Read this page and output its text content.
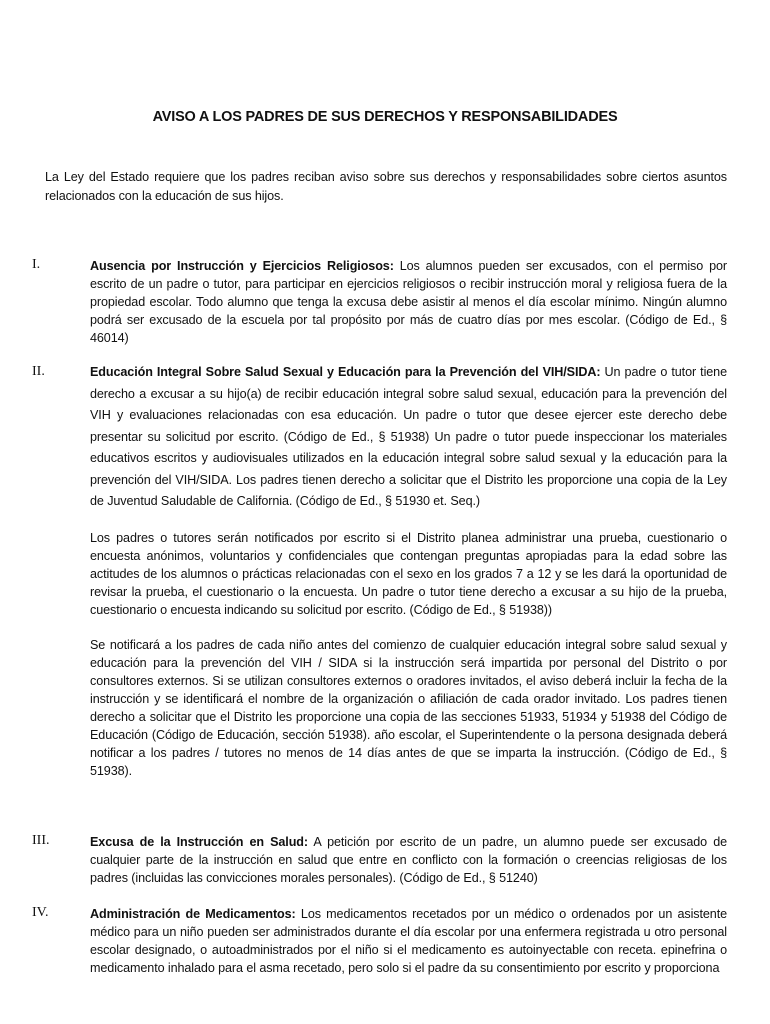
AVISO A LOS PADRES DE SUS DERECHOS Y RESPONSABILIDADES
La Ley del Estado requiere que los padres reciban aviso sobre sus derechos y responsabilidades sobre ciertos asuntos relacionados con la educación de sus hijos.
I.	Ausencia por Instrucción y Ejercicios Religiosos: Los alumnos pueden ser excusados, con el permiso por escrito de un padre o tutor, para participar en ejercicios religiosos o recibir instrucción moral y religiosa fuera de la propiedad escolar. Todo alumno que tenga la excusa debe asistir al menos el día escolar mínimo. Ningún alumno podrá ser excusado de la escuela por tal propósito por más de cuatro días por mes escolar. (Código de Ed., § 46014)
II.	Educación Integral Sobre Salud Sexual y Educación para la Prevención del VIH/SIDA: Un padre o tutor tiene derecho a excusar a su hijo(a) de recibir educación integral sobre salud sexual, educación para la prevención del VIH y evaluaciones relacionadas con esa educación. Un padre o tutor que desee ejercer este derecho debe presentar su solicitud por escrito. (Código de Ed., § 51938) Un padre o tutor puede inspeccionar los materiales educativos escritos y audiovisuales utilizados en la educación integral sobre salud sexual y la educación para la prevención del VIH/SIDA. Los padres tienen derecho a solicitar que el Distrito les proporcione una copia de la Ley de Juventud Saludable de California. (Código de Ed., § 51930 et. Seq.)
Los padres o tutores serán notificados por escrito si el Distrito planea administrar una prueba, cuestionario o encuesta anónimos, voluntarios y confidenciales que contengan preguntas apropiadas para la edad sobre las actitudes de los alumnos o prácticas relacionadas con el sexo en los grados 7 a 12 y se les dará la oportunidad de revisar la prueba, el cuestionario o la encuesta. Un padre o tutor tiene derecho a excusar a su hijo de la prueba, cuestionario o encuesta indicando su solicitud por escrito. (Código de Ed., § 51938))
Se notificará a los padres de cada niño antes del comienzo de cualquier educación integral sobre salud sexual y educación para la prevención del VIH / SIDA si la instrucción será impartida por personal del Distrito o por consultores externos. Si se utilizan consultores externos o oradores invitados, el aviso deberá incluir la fecha de la instrucción y se identificará el nombre de la organización o afiliación de cada orador invitado. Los padres tienen derecho a solicitar que el Distrito les proporcione una copia de las secciones 51933, 51934 y 51938 del Código de Educación (Código de Educación, sección 51938). año escolar, el Superintendente o la persona designada deberá notificar a los padres / tutores no menos de 14 días antes de que se imparta la instrucción. (Código de Ed., § 51938).
III.	Excusa de la Instrucción en Salud: A petición por escrito de un padre, un alumno puede ser excusado de cualquier parte de la instrucción en salud que entre en conflicto con la formación o creencias religiosas de los padres (incluidas las convicciones morales personales). (Código de Ed., § 51240)
IV.	Administración de Medicamentos: Los medicamentos recetados por un médico o ordenados por un asistente médico para un niño pueden ser administrados durante el día escolar por una enfermera registrada u otro personal escolar designado, o autoadministrados por el niño si el medicamento es autoinyectable con receta. epinefrina o medicamento inhalado para el asma recetado, pero solo si el padre da su consentimiento por escrito y proporciona
